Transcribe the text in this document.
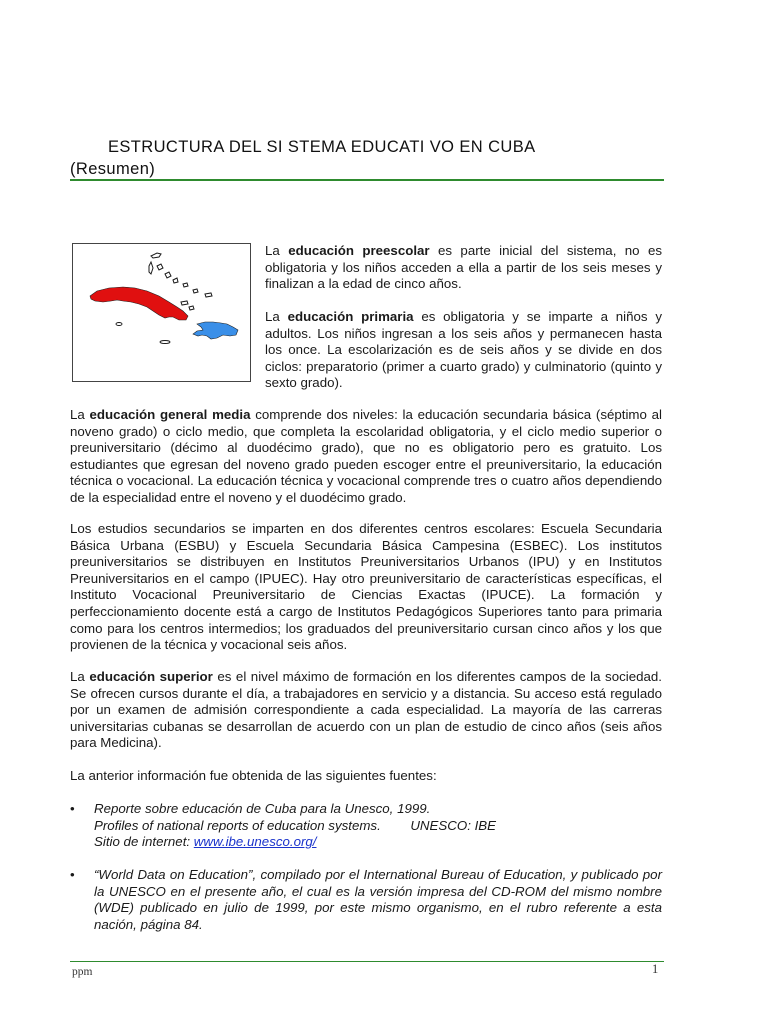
ESTRUCTURA DEL SI STEMA EDUCATI VO EN CUBA
(Resumen)

La educación preescolar es parte inicial del sistema, no es obligatoria y los niños acceden a ella a partir de los seis meses y finalizan a la edad de cinco años.

La educación primaria es obligatoria y se imparte a niños y adultos. Los niños ingresan a los seis años y permanecen hasta los once. La escolarización es de seis años y se divide en dos ciclos: preparatorio (primer a cuarto grado) y culminatorio (quinto y sexto grado).

La educación general media comprende dos niveles: la educación secundaria básica (séptimo al noveno grado) o ciclo medio, que completa la escolaridad obligatoria, y el ciclo medio superior o preuniversitario (décimo al duodécimo grado), que no es obligatorio pero es gratuito. Los estudiantes que egresan del noveno grado pueden escoger entre el preuniversitario, la educación técnica o vocacional. La educación técnica y vocacional comprende tres o cuatro años dependiendo de la especialidad entre el noveno y el duodécimo grado.

Los estudios secundarios se imparten en dos diferentes centros escolares: Escuela Secundaria Básica Urbana (ESBU) y Escuela Secundaria Básica Campesina (ESBEC). Los institutos preuniversitarios se distribuyen en Institutos Preuniversitarios Urbanos (IPU) y en Institutos Preuniversitarios en el campo (IPUEC). Hay otro preuniversitario de características específicas, el Instituto Vocacional Preuniversitario de Ciencias Exactas (IPUCE). La formación y perfeccionamiento docente está a cargo de Institutos Pedagógicos Superiores tanto para primaria como para los centros intermedios; los graduados del preuniversitario cursan cinco años y los que provienen de la técnica y vocacional seis años.

La educación superior es el nivel máximo de formación en los diferentes campos de la sociedad. Se ofrecen cursos durante el día, a trabajadores en servicio y a distancia. Su acceso está regulado por un examen de admisión correspondiente a cada especialidad. La mayoría de las carreras universitarias cubanas se desarrollan de acuerdo con un plan de estudio de cinco años (seis años para Medicina).

La anterior información fue obtenida de las siguientes fuentes:

•	Reporte sobre educación de Cuba para la Unesco, 1999.
Profiles of national reports of education systems.        UNESCO: IBE
Sitio de internet: www.ibe.unesco.org/
•	“World Data on Education”, compilado por el International Bureau of Education, y publicado por la UNESCO en el presente año, el cual es la versión impresa del CD-ROM del mismo nombre (WDE) publicado en julio de 1999, por este mismo organismo, en el rubro referente a esta nación, página 84.
ppm	1
